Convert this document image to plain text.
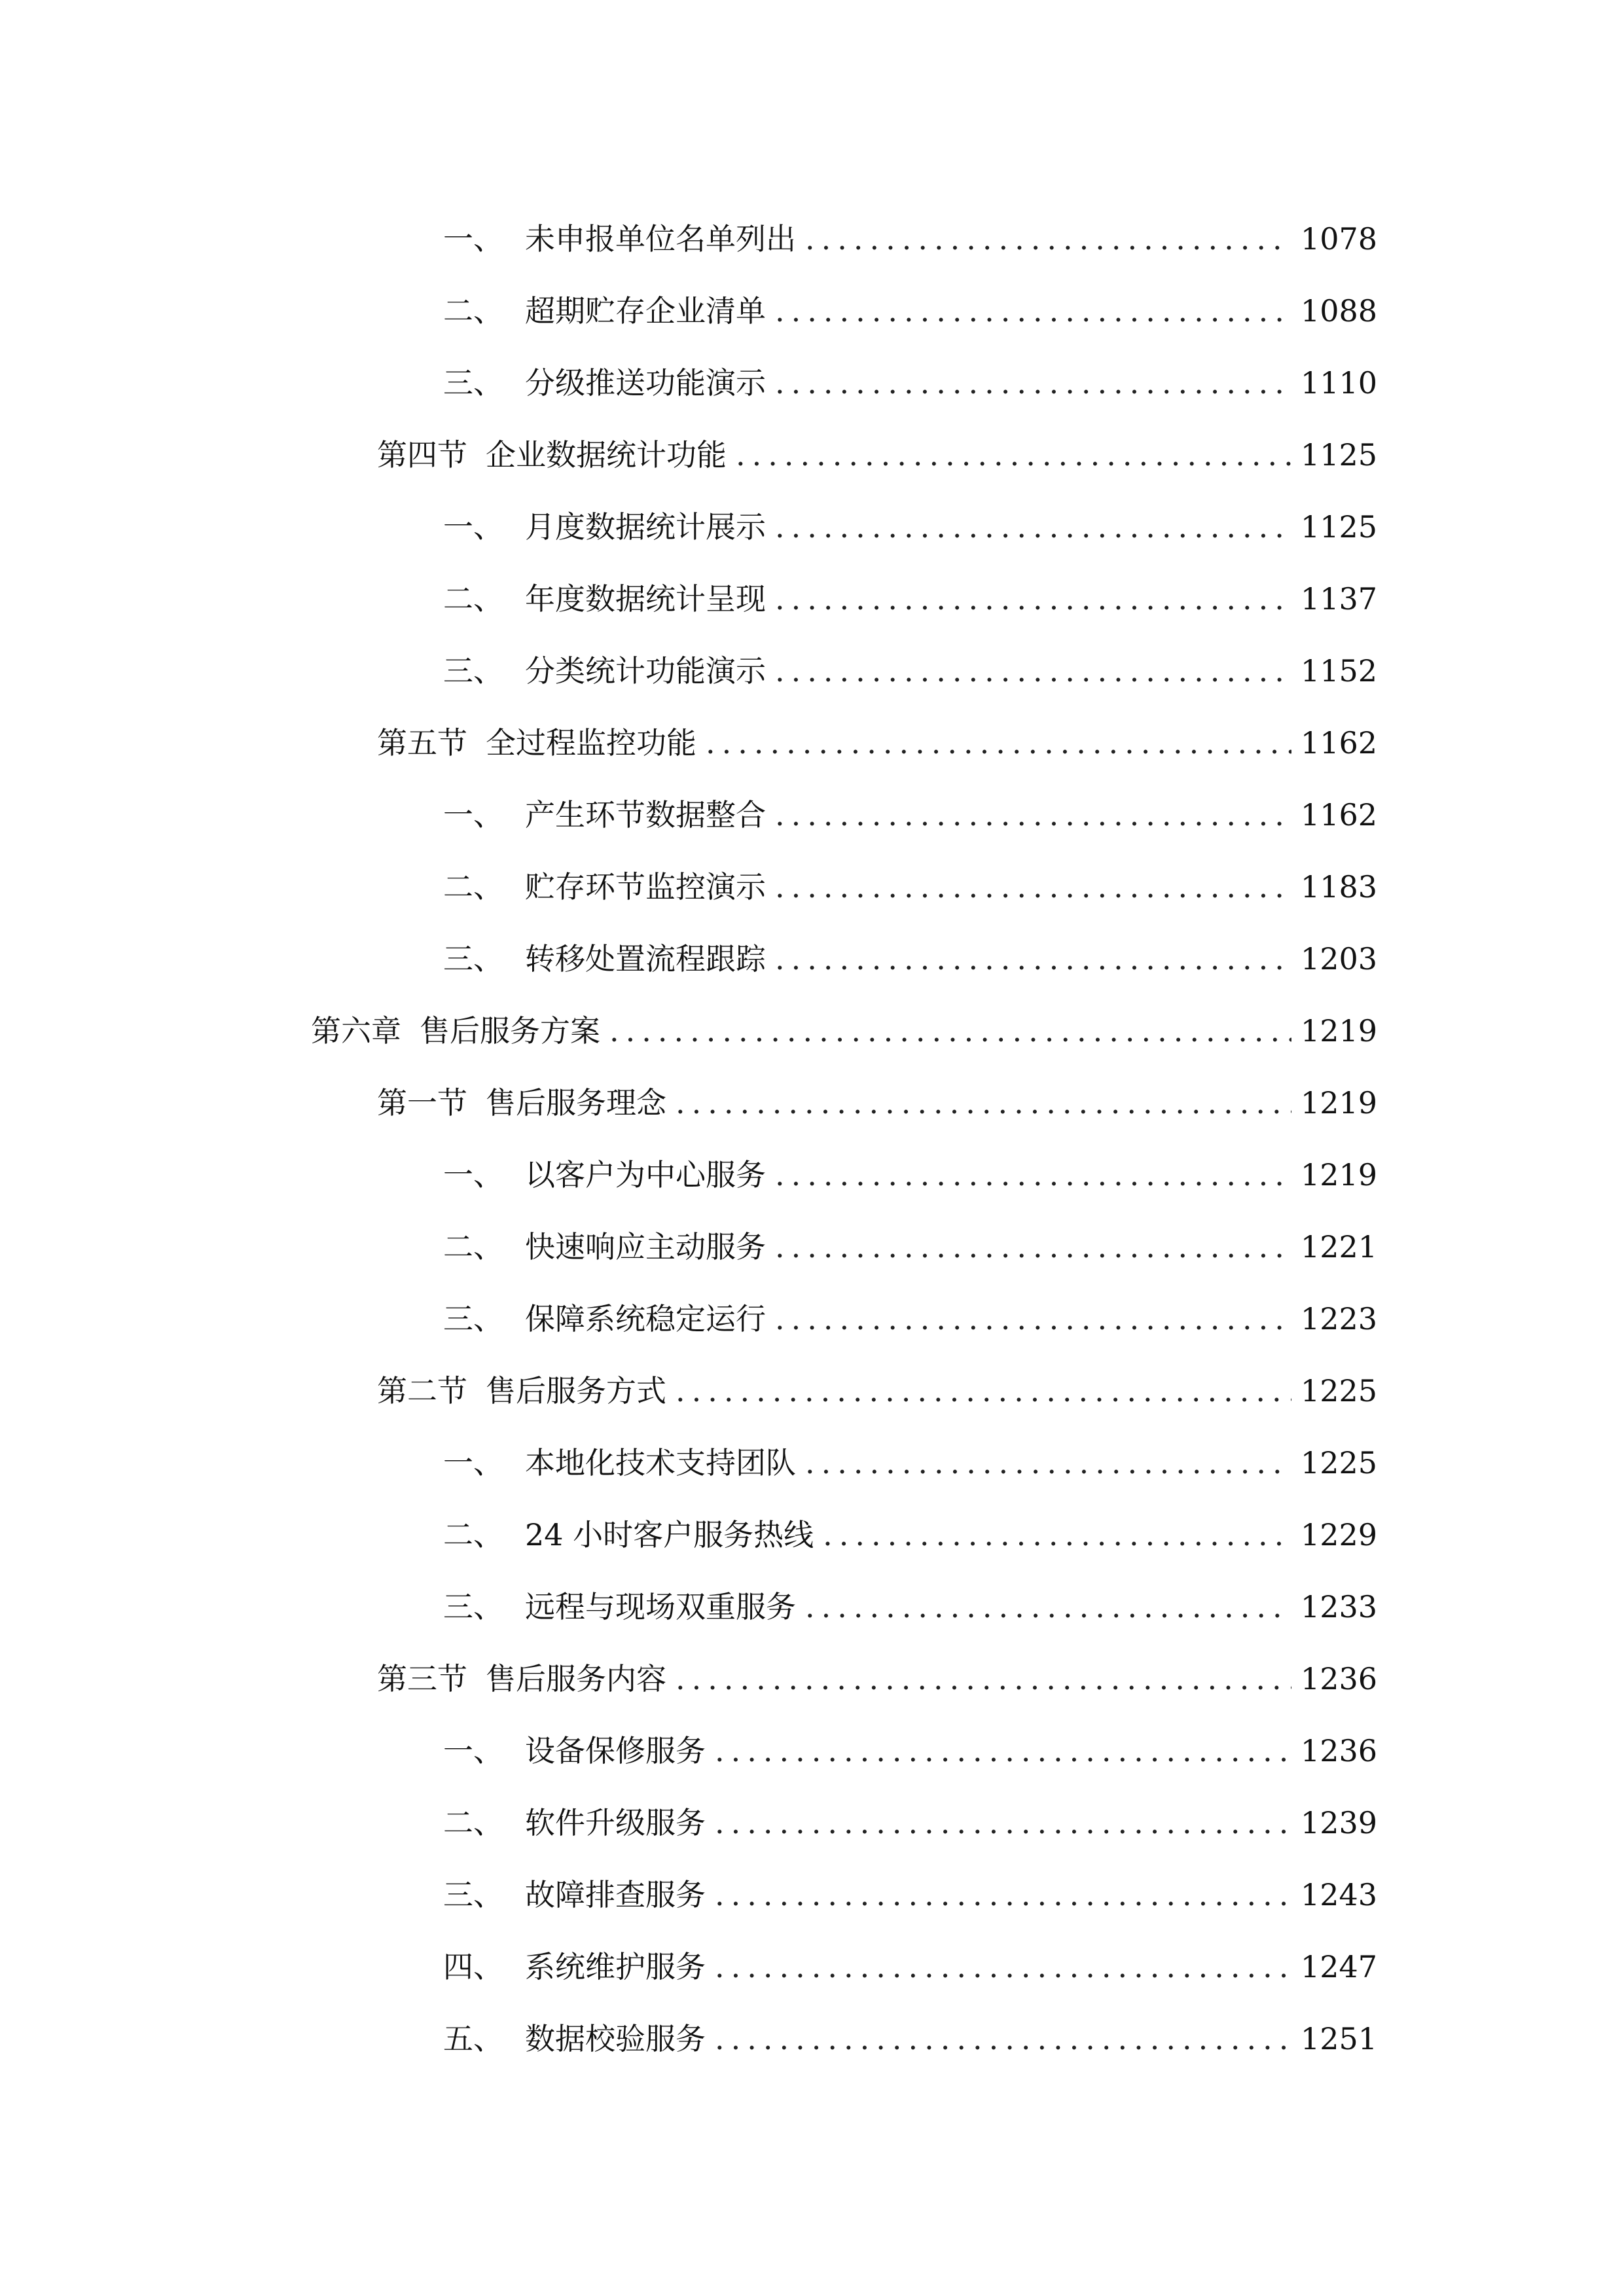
一、 未申报单位名单列出 .....	1078
二、 超期贮存企业清单 .....	1088
三、 分级推送功能演示 .....	1110
第四节 企业数据统计功能 .....	1125
一、 月度数据统计展示 .....	1125
二、 年度数据统计呈现 .....	1137
三、 分类统计功能演示 .....	1152
第五节 全过程监控功能 .....	1162
一、 产生环节数据整合 .....	1162
二、 贮存环节监控演示 .....	1183
三、 转移处置流程跟踪 .....	1203
第六章 售后服务方案 .....	1219
第一节 售后服务理念 .....	1219
一、 以客户为中心服务 .....	1219
二、 快速响应主动服务 .....	1221
三、 保障系统稳定运行 .....	1223
第二节 售后服务方式 .....	1225
一、 本地化技术支持团队 .....	1225
二、 24 小时客户服务热线 .....	1229
三、 远程与现场双重服务 .....	1233
第三节 售后服务内容 .....	1236
一、 设备保修服务 .....	1236
二、 软件升级服务 .....	1239
三、 故障排查服务 .....	1243
四、 系统维护服务 .....	1247
五、 数据校验服务 .....	1251
